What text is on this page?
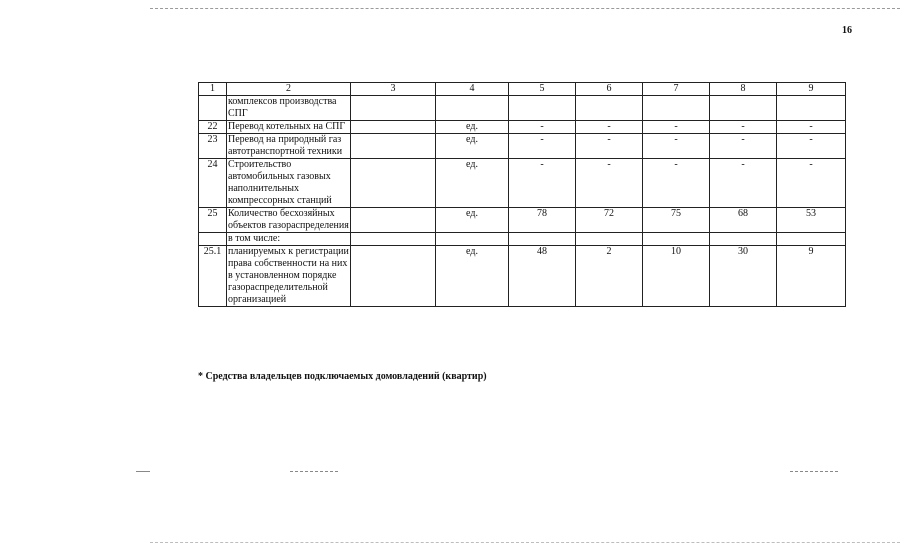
16
1	2	3	4	5	6	7	8	9
	комплексов производства СПГ							
22	Перевод котельных на СПГ		ед.	-	-	-	-	-
23	Перевод на природный газ автотранспортной техники		ед.	-	-	-	-	-
24	Строительство автомобильных газовых наполнительных компрессорных станций		ед.	-	-	-	-	-
25	Количество бесхозяйных объектов газораспределения		ед.	78	72	75	68	53
	в том числе:							
25.1	планируемых к регистрации права собственности на них в установленном порядке газораспределительной организацией		ед.	48	2	10	30	9
* Средства владельцев подключаемых домовладений (квартир)
